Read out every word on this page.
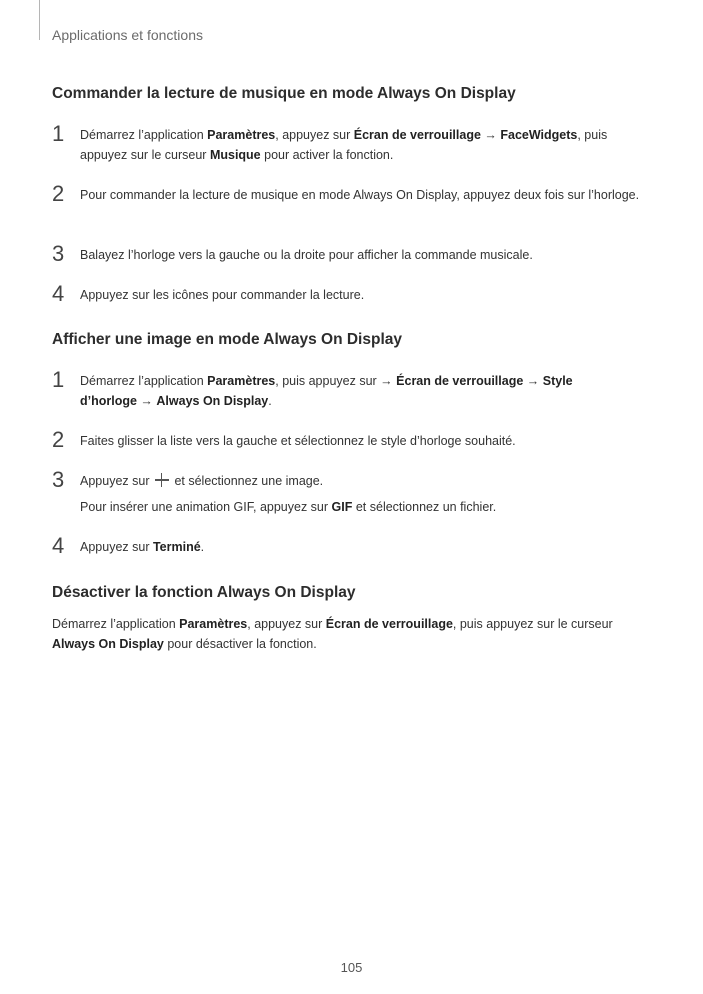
Applications et fonctions
Commander la lecture de musique en mode Always On Display
1	Démarrez l’application Paramètres, appuyez sur Écran de verrouillage → FaceWidgets, puis appuyez sur le curseur Musique pour activer la fonction.

2	Pour commander la lecture de musique en mode Always On Display, appuyez deux fois sur l’horloge.

3	Balayez l’horloge vers la gauche ou la droite pour afficher la commande musicale.

4	Appuyez sur les icônes pour commander la lecture.

Afficher une image en mode Always On Display
1	Démarrez l’application Paramètres, puis appuyez sur → Écran de verrouillage → Style d’horloge → Always On Display.

2	Faites glisser la liste vers la gauche et sélectionnez le style d’horloge souhaité.

3	Appuyez sur  et sélectionnez une image.
Pour insérer une animation GIF, appuyez sur GIF et sélectionnez un fichier.

4	Appuyez sur Terminé.

Désactiver la fonction Always On Display

Démarrez l’application Paramètres, appuyez sur Écran de verrouillage, puis appuyez sur le curseur Always On Display pour désactiver la fonction.

105
